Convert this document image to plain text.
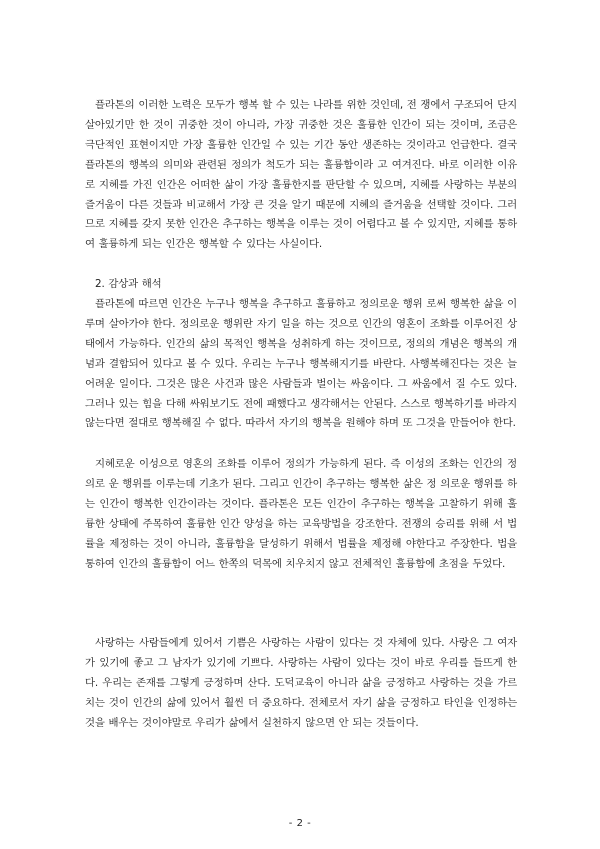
플라톤의 이러한 노력은 모두가 행복 할 수 있는 나라를 위한 것인데, 전 쟁에서 구조되어 단지 살아있기만 한 것이 귀중한 것이 아니라, 가장 귀중한 것은 훌륭한 인간이 되는 것이며, 조금은 극단적인 표현이지만 가장 훌륭한 인간일 수 있는 기간 동안 생존하는 것이라고 언급한다. 결국 플라톤의 행복의 의미와 관련된 정의가 척도가 되는 훌륭함이라 고 여겨진다. 바로 이러한 이유로 지혜를 가진 인간은 어떠한 삶이 가장 훌륭한지를 판단할 수 있으며, 지혜를 사랑하는 부분의 즐거움이 다른 것들과 비교해서 가장 큰 것을 알기 때문에 지혜의 즐거움을 선택할 것이다. 그러므로 지혜를 갖지 못한 인간은 추구하는 행복을 이루는 것이 어렵다고 볼 수 있지만, 지혜를 통하여 훌륭하게 되는 인간은 행복할 수 있다는 사실이다.

2. 감상과 해석

플라톤에 따르면 인간은 누구나 행복을 추구하고 훌륭하고 정의로운 행위 로써 행복한 삶을 이루며 살아가야 한다. 정의로운 행위란 자기 일을 하는 것으로 인간의 영혼이 조화를 이루어진 상태에서 가능하다. 인간의 삶의 목적인 행복을 성취하게 하는 것이므로, 정의의 개념은 행복의 개념과 결합되어 있다고 볼 수 있다. 우리는 누구나 행복해지기를 바란다. 사행복해진다는 것은 늘 어려운 일이다. 그것은 많은 사건과 많은 사람들과 벌이는 싸움이다. 그 싸움에서 질 수도 있다. 그러나 있는 힘을 다해 싸워보기도 전에 패했다고 생각해서는 안된다. 스스로 행복하기를 바라지 않는다면 절대로 행복해질 수 없다. 따라서 자기의 행복을 원해야 하며 또 그것을 만들어야 한다.

지혜로운 이성으로 영혼의 조화를 이루어 정의가 가능하게 된다. 즉 이성의 조화는 인간의 정의로 운 행위를 이루는데 기초가 된다. 그리고 인간이 추구하는 행복한 삶은 정 의로운 행위를 하는 인간이 행복한 인간이라는 것이다. 플라톤은 모든 인간이 추구하는 행복을 고찰하기 위해 훌륭한 상태에 주목하여 훌륭한 인간 양성을 하는 교육방법을 강조한다. 전쟁의 승리를 위해 서 법률을 제정하는 것이 아니라, 훌륭함을 달성하기 위해서 법률을 제정해 야한다고 주장한다. 법을 통하여 인간의 훌륭함이 어느 한쪽의 덕목에 치우치지 않고 전체적인 훌륭함에 초점을 두었다.

사랑하는 사람들에게 있어서 기쁨은 사랑하는 사람이 있다는 것 자체에 있다. 사랑은 그 여자가 있기에 좋고 그 남자가 있기에 기쁘다. 사랑하는 사람이 있다는 것이 바로 우리를 들뜨게 한다. 우리는 존재를 그렇게 긍정하며 산다. 도덕교육이 아니라 삶을 긍정하고 사랑하는 것을 가르치는 것이 인간의 삶에 있어서 훨씬 더 중요하다. 전체로서 자기 삶을 긍정하고 타인을 인정하는 것을 배우는 것이야말로 우리가 삶에서 실천하지 않으면 안 되는 것들이다.

- 2 -
